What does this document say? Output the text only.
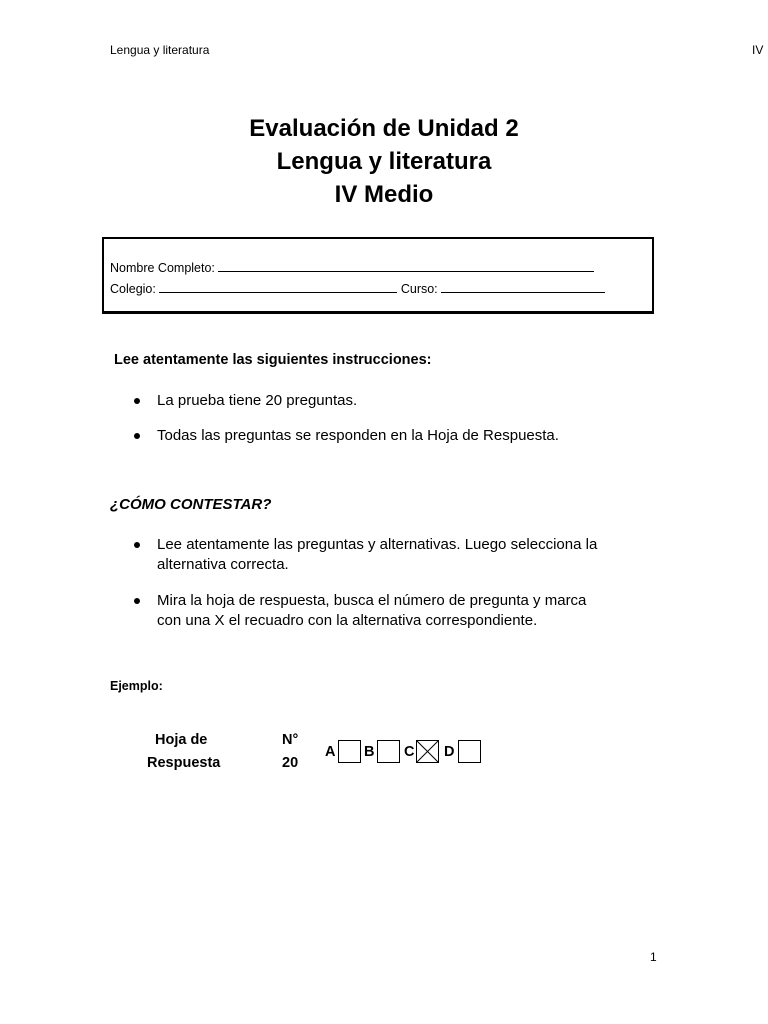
Lengua y literatura	IV
Evaluación de Unidad 2
Lengua y literatura
IV Medio
Nombre Completo:
Colegio:	Curso:
Lee atentamente las siguientes instrucciones:
La prueba tiene 20 preguntas.
Todas las preguntas se responden en la Hoja de Respuesta.
¿CÓMO CONTESTAR?
Lee atentamente las preguntas y alternativas. Luego selecciona la
alternativa correcta.
Mira la hoja de respuesta, busca el número de pregunta y marca
con una X el recuadro con la alternativa correspondiente.
Ejemplo:
Hoja de
Respuesta
N°
20
A B C D
1
